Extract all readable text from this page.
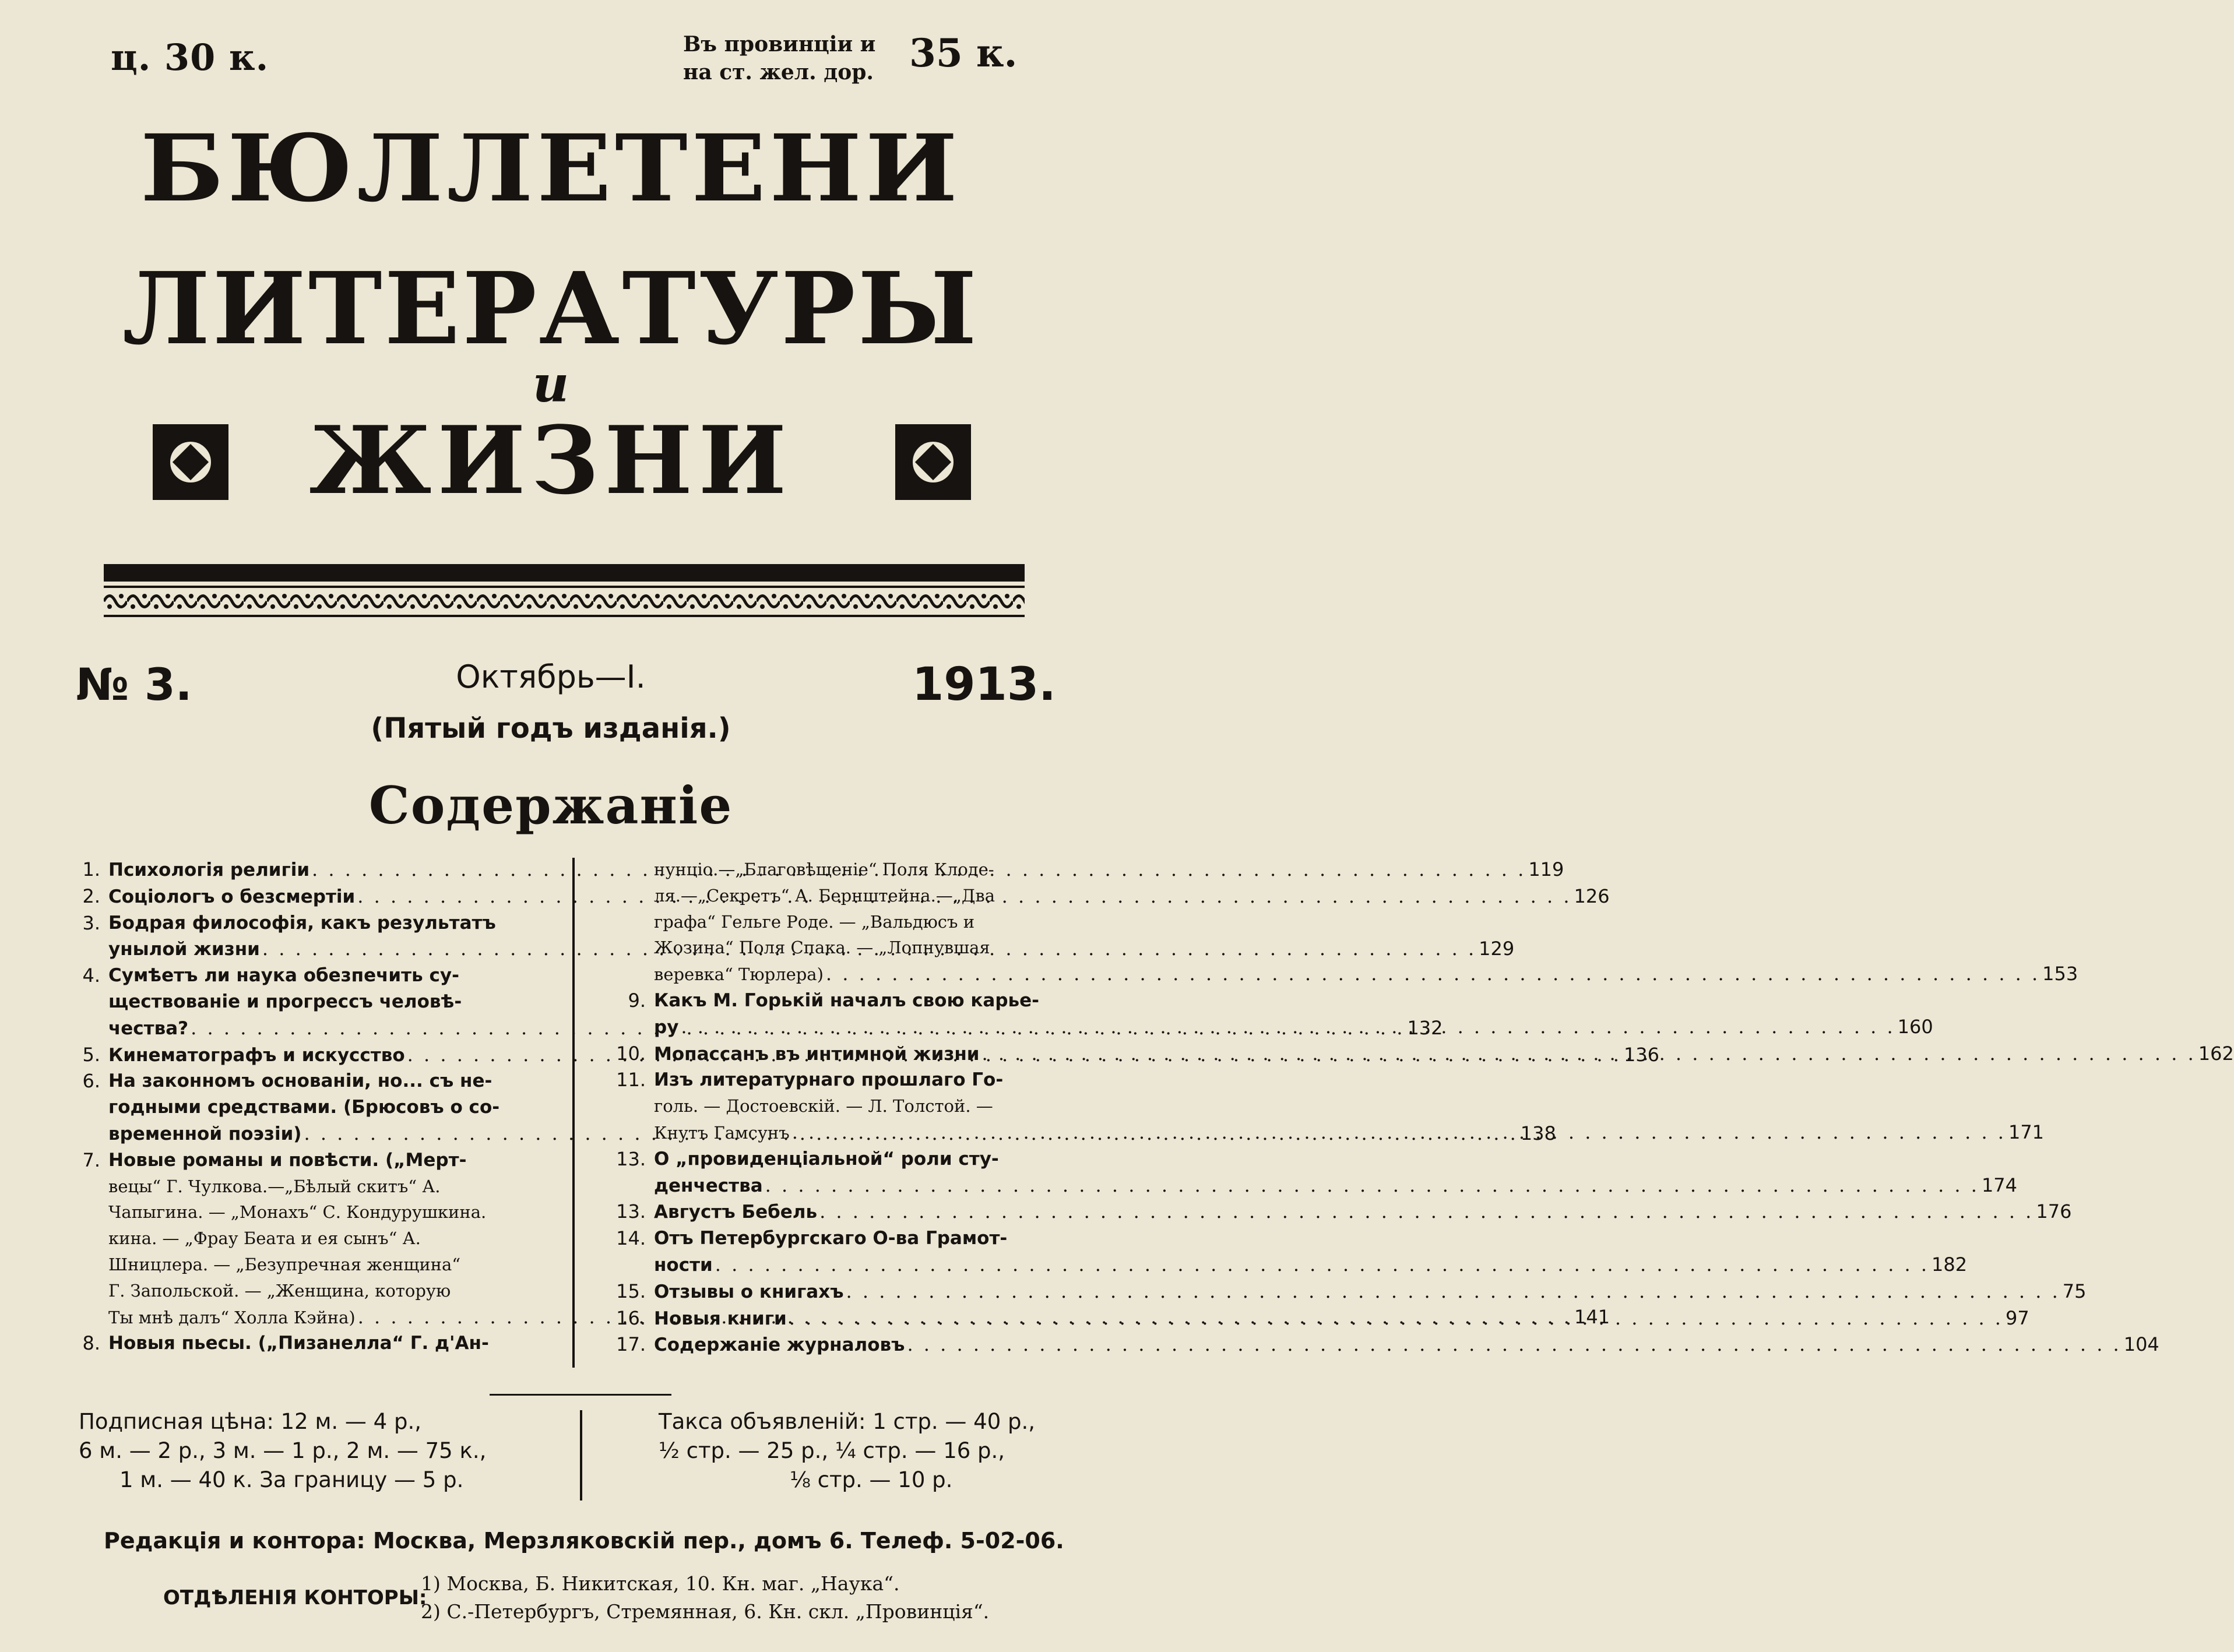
ц. 30 к.	Въ провинціи и
на ст. жел. дор. 35 к.
БЮЛЛЕТЕНИ
ЛИТЕРАТУРЫ
и
ЖИЗНИ
№ 3.	Октябрь—I.	1913.
(Пятый годъ изданія.)
Содержаніе
1. Психологія религіи . . .	119
2. Соціологъ о безсмертіи . . .	126
3. Бодрая философія, какъ результатъ
унылой жизни . . .	129
4. Сумѣетъ ли наука обезпечить су-
ществованіе и прогрессъ человѣ-
чества? . . .	132
5. Кинематографъ и искусство . . .	136
6. На законномъ основаніи, но... съ не-
годными средствами. (Брюсовъ о со-
временной поэзіи) . . .	138
7. Новые романы и повѣсти. („Мерт-
вецы“ Г. Чулкова.—„Бѣлый скитъ“ А.
Чапыгина. — „Монахъ“ С. Кондурушкина.
кина. — „Фрау Беата и ея сынъ“ А.
Шницлера. — „Безупречная женщина“
Г. Запольской. — „Женщина, которую
Ты мнѣ далъ“ Холла Кэйна) . . .	141
8. Новыя пьесы. („Пизанелла“ Г. д'Ан-
нунціо.—„Благовѣщеніе“ Поля Клоде-
ля.—„Секретъ“ А. Бернштейна.—„Два
графа“ Гельге Роде. — „Вальдюсъ и
Жозина“ Поля Спака. — „Лопнувшая
веревка“ Тюрлера) . . .	153
9. Какъ М. Горькій началъ свою карье-
ру . . .	160
10. Мопассанъ въ интимной жизни . . .	162
11. Изъ литературнаго прошлаго Го-
голь. — Достоевскій. — Л. Толстой. —
Кнутъ Гамсунъ . . .	171
13. О „провиденціальной“ роли сту-
денчества . . .	174
13. Августъ Бебель . . .	176
14. Отъ Петербургскаго О-ва Грамот-
ности . . .	182
15. Отзывы о книгахъ . . .	75
16. Новыя книги . . .	97
17. Содержаніе журналовъ . . .	104
Подписная цѣна: 12 м. — 4 р.,
6 м. — 2 р., 3 м. — 1 р., 2 м. — 75 к.,
1 м. — 40 к. За границу — 5 р.
Такса объявленій: 1 стр. — 40 р.,
½ стр. — 25 р., ¼ стр. — 16 р.,
⅛ стр. — 10 р.
Редакція и контора: Москва, Мерзляковскій пер., домъ 6. Телеф. 5-02-06.
ОТДѢЛЕНІЯ КОНТОРЫ:
1) Москва, Б. Никитская, 10. Кн. маг. „Наука“.
2) С.-Петербургъ, Стремянная, 6. Кн. скл. „Провинція“.
